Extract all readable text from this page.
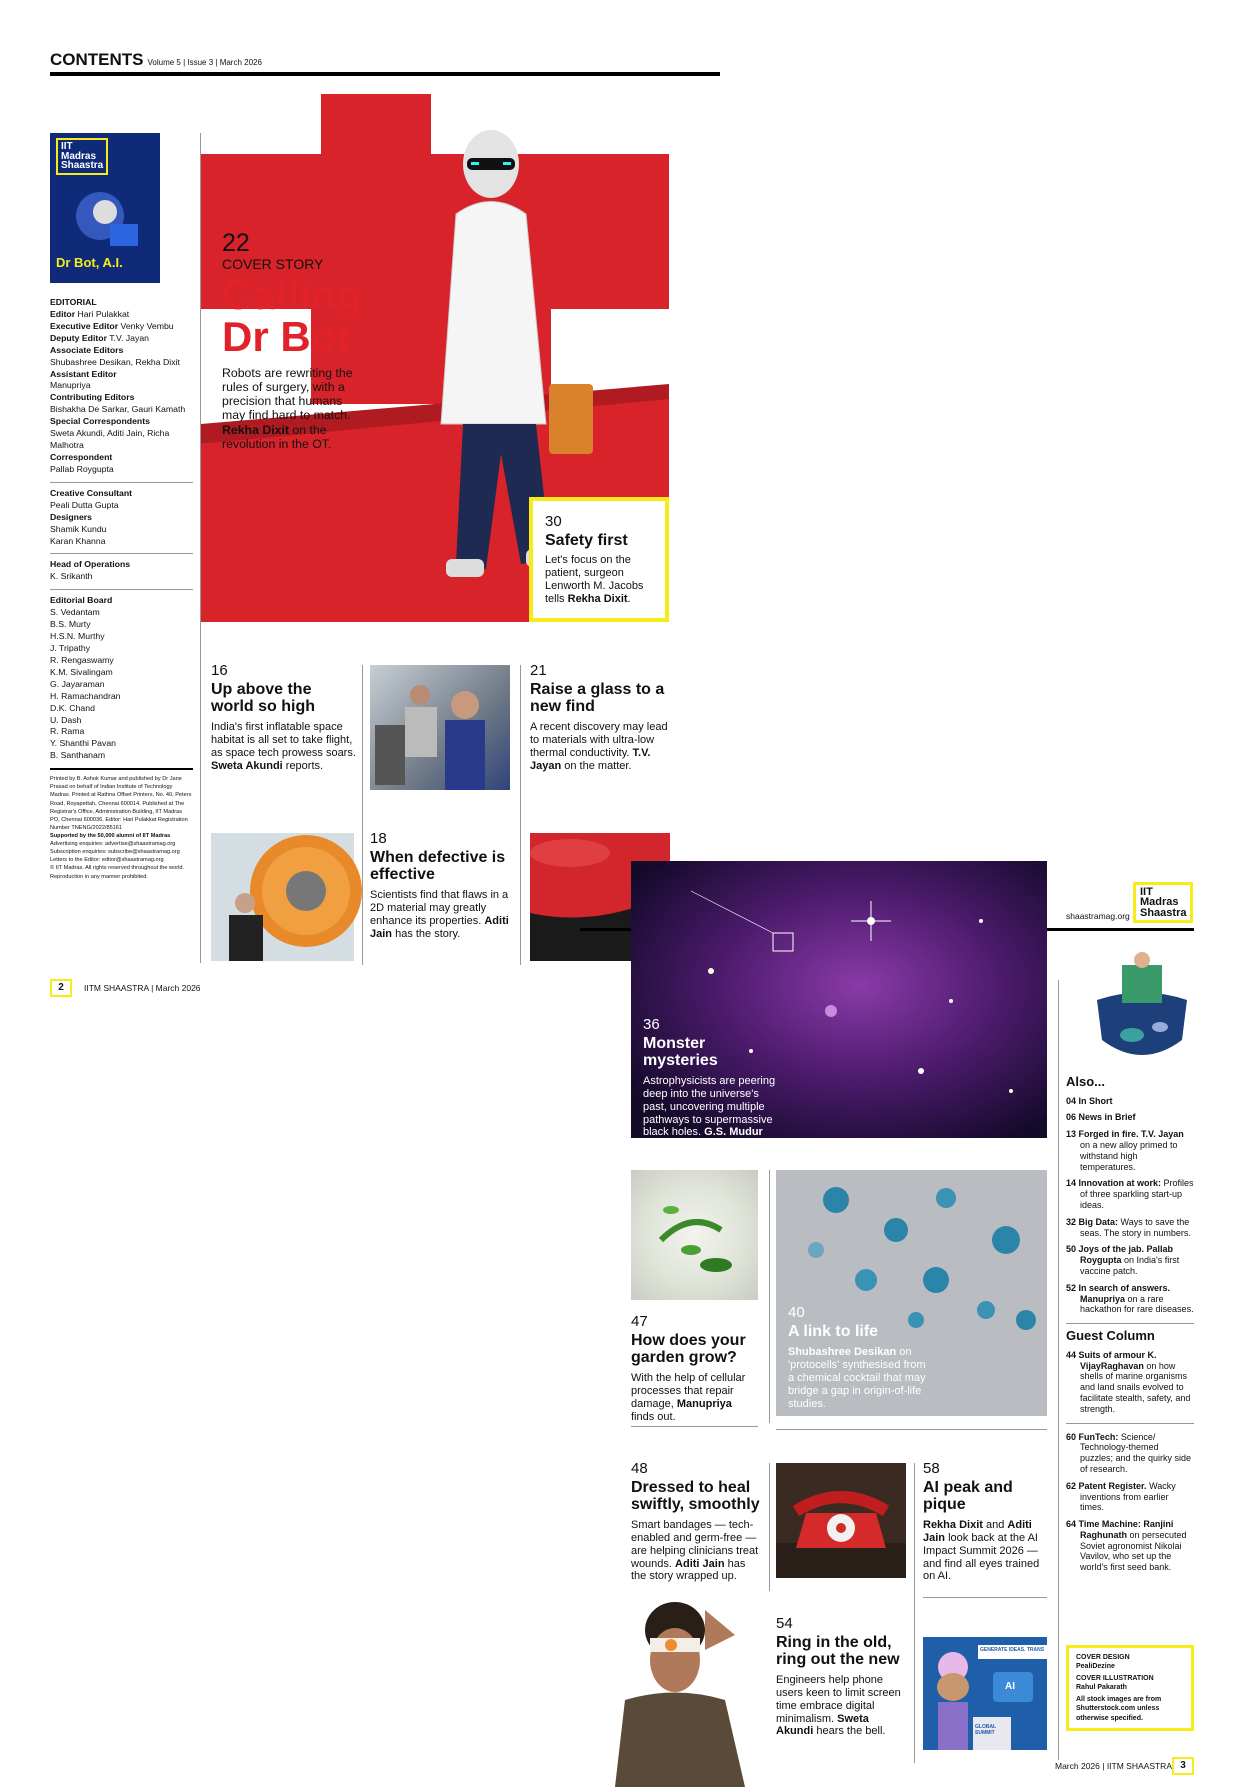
CONTENTS Volume 5 | Issue 3 | March 2026
IIT
Madras
Shaastra
Dr Bot, A.I.
EDITORIAL
Editor Hari Pulakkat
Executive Editor Venky Vembu
Deputy Editor T.V. Jayan
Associate Editors
Shubashree Desikan, Rekha Dixit
Assistant Editor
Manupriya
Contributing Editors
Bishakha De Sarkar, Gauri Kamath
Special Correspondents
Sweta Akundi, Aditi Jain, Richa Malhotra
Correspondent
Pallab Roygupta
Creative Consultant
Peali Dutta Gupta
Designers
Shamik Kundu
Karan Khanna
Head of Operations
K. Srikanth
Editorial Board
S. Vedantam
B.S. Murty
H.S.N. Murthy
J. Tripathy
R. Rengaswamy
K.M. Sivalingam
G. Jayaraman
H. Ramachandran
D.K. Chand
U. Dash
R. Rama
Y. Shanthi Pavan
B. Santhanam
Printed by B. Ashok Kumar and published by Dr Jane Prasad on behalf of Indian Institute of Technology Madras. Printed at Rathna Offset Printers, No. 40, Peters Road, Royapettah, Chennai 600014. Published at The Registrar's Office, Administration Building, IIT Madras PO, Chennai 600036. Editor: Hari Pulakkat Registration Number TNENG/2022/85161
Supported by the 50,000 alumni of IIT Madras
Advertising enquiries: advertise@shaastramag.org
Subscription enquiries: subscribe@shaastramag.org
Letters to the Editor: editor@shaastramag.org
© IIT Madras. All rights reserved throughout the world. Reproduction in any manner prohibited.
22
COVER STORY
Calling
Dr Bot
Robots are rewriting the rules of surgery, with a precision that humans may find hard to match. Rekha Dixit on the revolution in the OT.
30
Safety first
Let's focus on the patient, surgeon Lenworth M. Jacobs tells Rekha Dixit.
16
Up above the world so high
India's first inflatable space habitat is all set to take flight, as space tech prowess soars. Sweta Akundi reports.
21
Raise a glass to a new find
A recent discovery may lead to materials with ultra-low thermal conductivity. T.V. Jayan on the matter.
18
When defective is effective
Scientists find that flaws in a 2D material may greatly enhance its properties. Aditi Jain has the story.
2	IITM SHAASTRA | March 2026
shaastramag.org
IIT
Madras
Shaastra
36
Monster mysteries
Astrophysicists are peering deep into the universe's past, uncovering multiple pathways to supermassive black holes. G.S. Mudur zooms in.
47
How does your garden grow?
With the help of cellular processes that repair damage, Manupriya finds out.
40
A link to life
Shubashree Desikan on 'protocells' synthesised from a chemical cocktail that may bridge a gap in origin-of-life studies.
48
Dressed to heal swiftly, smoothly
Smart bandages — tech-enabled and germ-free — are helping clinicians treat wounds. Aditi Jain has the story wrapped up.
58
AI peak and pique
Rekha Dixit and Aditi Jain look back at the AI Impact Summit 2026 — and find all eyes trained on AI.
GENERATE IDEAS. TRANS
AI
GLOBAL SUMMIT
54
Ring in the old, ring out the new
Engineers help phone users keen to limit screen time embrace digital minimalism. Sweta Akundi hears the bell.
Also...
04 In Short
06 News in Brief
13 Forged in fire. T.V. Jayan on a new alloy primed to withstand high temperatures.
14 Innovation at work: Profiles of three sparkling start-up ideas.
32 Big Data: Ways to save the seas. The story in numbers.
50 Joys of the jab. Pallab Roygupta on India's first vaccine patch.
52 In search of answers. Manupriya on a rare hackathon for rare diseases.
Guest Column
44 Suits of armour K. VijayRaghavan on how shells of marine organisms and land snails evolved to facilitate stealth, safety, and strength.
60 FunTech: Science/ Technology-themed puzzles; and the quirky side of research.
62 Patent Register. Wacky inventions from earlier times.
64 Time Machine: Ranjini Raghunath on persecuted Soviet agronomist Nikolai Vavilov, who set up the world's first seed bank.
COVER DESIGN
PealiDezine
COVER ILLUSTRATION
Rahul Pakarath
All stock images are from Shutterstock.com unless otherwise specified.
March 2026 | IITM SHAASTRA 3
